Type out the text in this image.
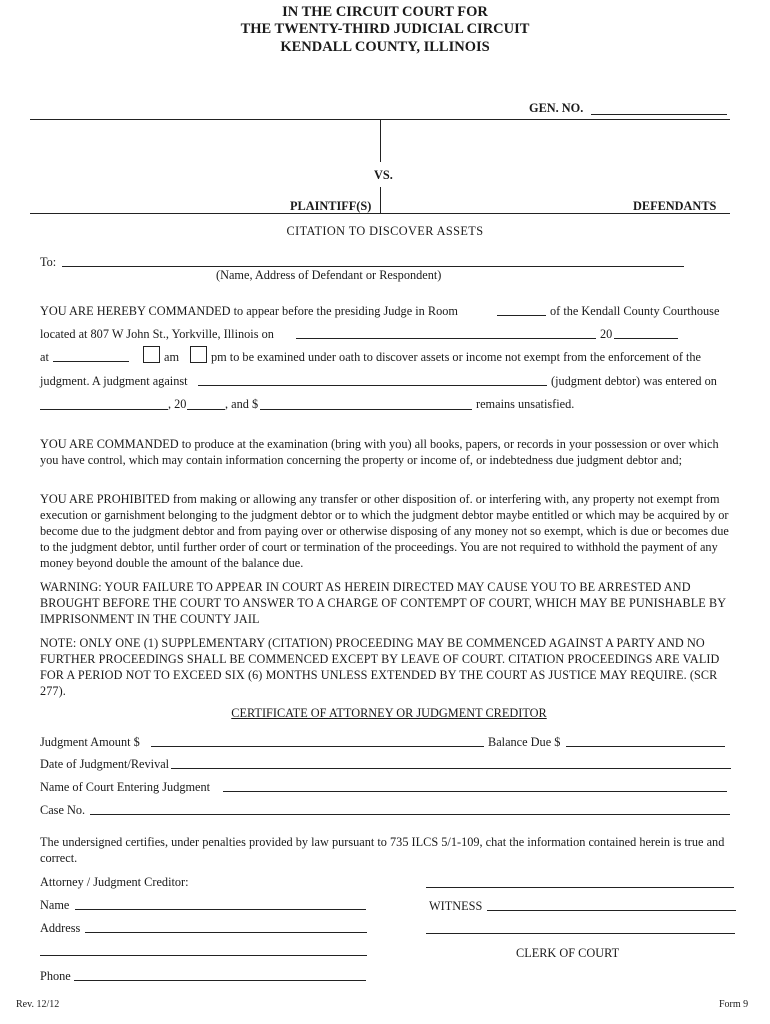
IN THE CIRCUIT COURT FOR
THE TWENTY-THIRD JUDICIAL CIRCUIT
KENDALL COUNTY, ILLINOIS
GEN. NO.
VS.
PLAINTIFF(S)	DEFENDANTS
CITATION TO DISCOVER ASSETS
To:
(Name, Address of Defendant or Respondent)
YOU ARE HEREBY COMMANDED to appear before the presiding Judge in Room	of the Kendall County Courthouse
located at 807 W John St., Yorkville, Illinois on	20
at	am	pm to be examined under oath to discover assets or income not exempt from the enforcement of the
judgment. A judgment against	(judgment debtor) was entered on
, 20	, and $	remains unsatisfied.
YOU ARE COMMANDED to produce at the examination (bring with you) all books, papers, or records in your possession or over which you have control, which may contain information concerning the property or income of, or indebtedness due judgment debtor and;
YOU ARE PROHIBITED from making or allowing any transfer or other disposition of. or interfering with, any property not exempt from execution or garnishment belonging to the judgment debtor or to which the judgment debtor maybe entitled or which may be acquired by or become due to the judgment debtor and from paying over or otherwise disposing of any money not so exempt, which is due or becomes due to the judgment debtor, until further order of court or termination of the proceedings. You are not required to withhold the payment of any money beyond double the amount of the balance due.
WARNING: YOUR FAILURE TO APPEAR IN COURT AS HEREIN DIRECTED MAY CAUSE YOU TO BE ARRESTED AND BROUGHT BEFORE THE COURT TO ANSWER TO A CHARGE OF CONTEMPT OF COURT, WHICH MAY BE PUNISHABLE BY IMPRISONMENT IN THE COUNTY JAIL
NOTE: ONLY ONE (1) SUPPLEMENTARY (CITATION) PROCEEDING MAY BE COMMENCED AGAINST A PARTY AND NO FURTHER PROCEEDINGS SHALL BE COMMENCED EXCEPT BY LEAVE OF COURT. CITATION PROCEEDINGS ARE VALID FOR A PERIOD NOT TO EXCEED SIX (6) MONTHS UNLESS EXTENDED BY THE COURT AS JUSTICE MAY REQUIRE. (SCR 277).
CERTIFICATE OF ATTORNEY OR JUDGMENT CREDITOR
Judgment Amount $	Balance Due $
Date of Judgment/Revival
Name of Court Entering Judgment
Case No.
The undersigned certifies, under penalties provided by law pursuant to 735 ILCS 5/1-109, chat the information contained herein is true and correct.
Attorney / Judgment Creditor:
Name	WITNESS
Address
CLERK OF COURT
Phone
Rev. 12/12	Form 9
